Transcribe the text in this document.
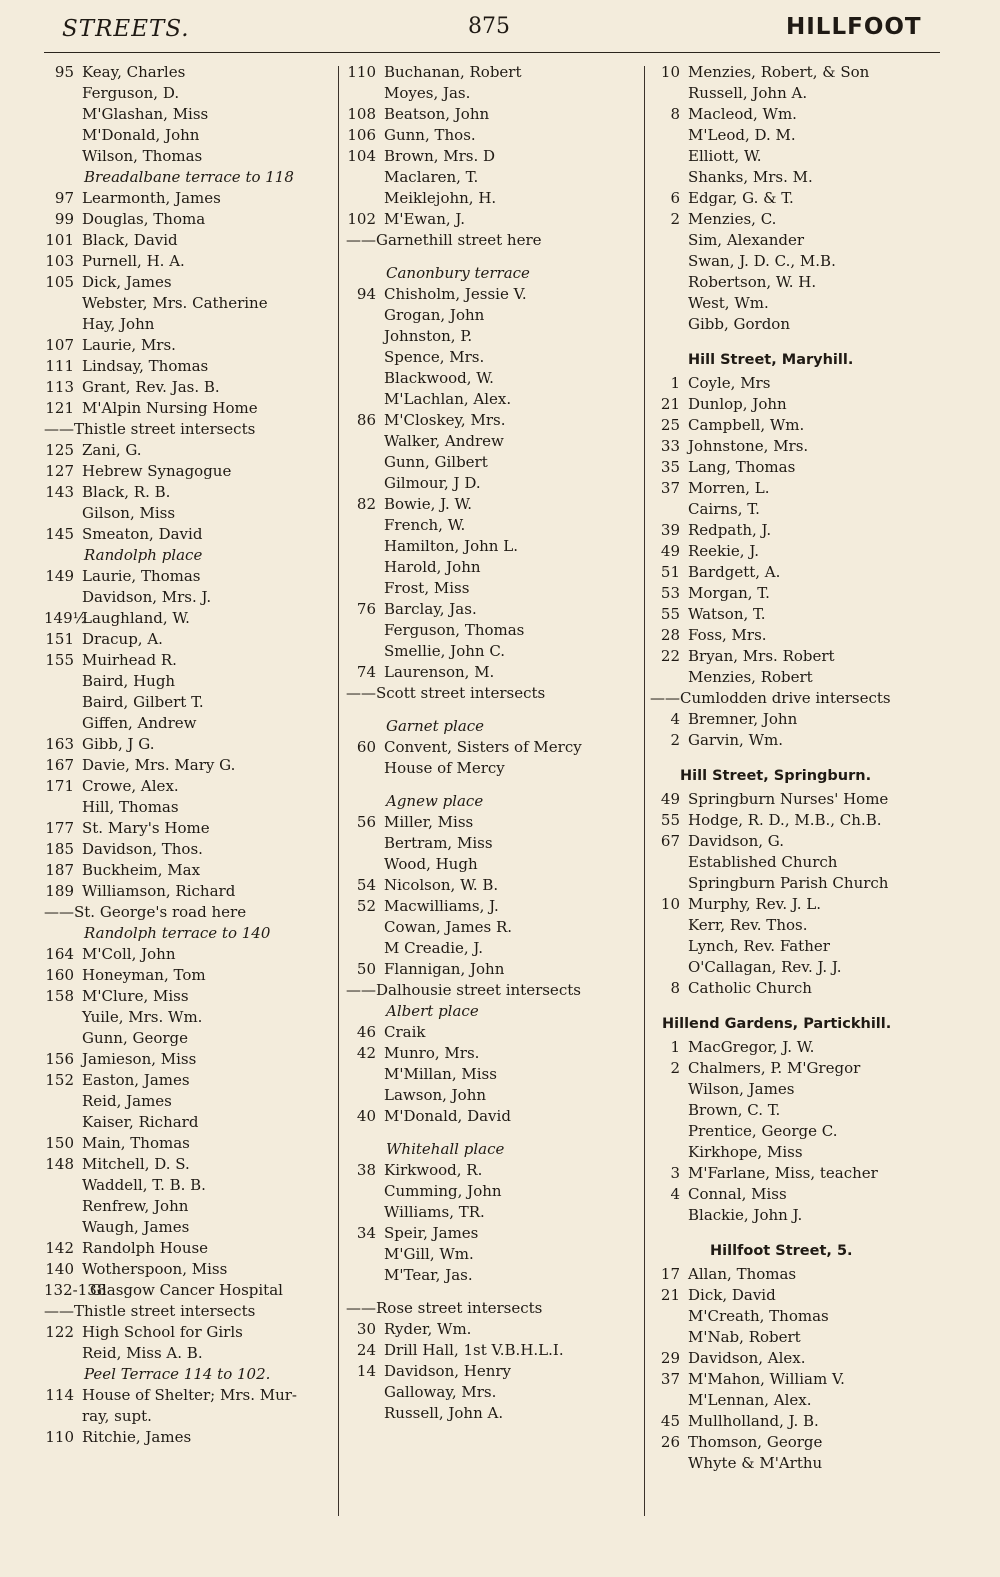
STREETS.	875	HILLFOOT
95 Keay, Charles
Ferguson, D.
M'Glashan, Miss
M'Donald, John
Wilson, Thomas
Breadalbane terrace to 118
97 Learmonth, James
99 Douglas, Thoma
101 Black, David
103 Purnell, H. A.
105 Dick, James
Webster, Mrs. Catherine
Hay, John
107 Laurie, Mrs.
111 Lindsay, Thomas
113 Grant, Rev. Jas. B.
121 M'Alpin Nursing Home
——Thistle street intersects
125 Zani, G.
127 Hebrew Synagogue
143 Black, R. B.
Gilson, Miss
145 Smeaton, David
Randolph place
149 Laurie, Thomas
Davidson, Mrs. J.
149½
Laughland, W.
151 Dracup, A.
155 Muirhead R.
Baird, Hugh
Baird, Gilbert T.
Giffen, Andrew
163 Gibb, J G.
167 Davie, Mrs. Mary G.
171 Crowe, Alex.
Hill, Thomas
177 St. Mary's Home
185 Davidson, Thos.
187 Buckheim, Max
189 Williamson, Richard
——St. George's road here
Randolph terrace to 140
164 M'Coll, John
160 Honeyman, Tom
158 M'Clure, Miss
Yuile, Mrs. Wm.
Gunn, George
156 Jamieson, Miss
152 Easton, James
Reid, James
Kaiser, Richard
150 Main, Thomas
148 Mitchell, D. S.
Waddell, T. B. B.
Renfrew, John
Waugh, James
142 Randolph House
140 Wotherspoon, Miss
132-138
Glasgow Cancer Hospital
——Thistle street intersects
122 High School for Girls
Reid, Miss A. B.
Peel Terrace 114 to 102.
114 House of Shelter; Mrs. Mur-
ray, supt.
110 Ritchie, James
110 Buchanan, Robert
Moyes, Jas.
108 Beatson, John
106 Gunn, Thos.
104 Brown, Mrs. D
Maclaren, T.
Meiklejohn, H.
102 M'Ewan, J.
——Garnethill street here
Canonbury terrace
94 Chisholm, Jessie V.
Grogan, John
Johnston, P.
Spence, Mrs.
Blackwood, W.
M'Lachlan, Alex.
86 M'Closkey, Mrs.
Walker, Andrew
Gunn, Gilbert
Gilmour, J D.
82 Bowie, J. W.
French, W.
Hamilton, John L.
Harold, John
Frost, Miss
76 Barclay, Jas.
Ferguson, Thomas
Smellie, John C.
74 Laurenson, M.
——Scott street intersects
Garnet place
60 Convent, Sisters of Mercy
House of Mercy
Agnew place
56 Miller, Miss
Bertram, Miss
Wood, Hugh
54 Nicolson, W. B.
52 Macwilliams, J.
Cowan, James R.
M Creadie, J.
50 Flannigan, John
——Dalhousie street intersects
Albert place
46 Craik
42 Munro, Mrs.
M'Millan, Miss
Lawson, John
40 M'Donald, David
Whitehall place
38 Kirkwood, R.
Cumming, John
Williams, TR.
34 Speir, James
M'Gill, Wm.
M'Tear, Jas.
——Rose street intersects
30 Ryder, Wm.
24 Drill Hall, 1st V.B.H.L.I.
14 Davidson, Henry
Galloway, Mrs.
Russell, John A.
10 Menzies, Robert, & Son
Russell, John A.
8 Macleod, Wm.
M'Leod, D. M.
Elliott, W.
Shanks, Mrs. M.
6 Edgar, G. & T.
2 Menzies, C.
Sim, Alexander
Swan, J. D. C., M.B.
Robertson, W. H.
West, Wm.
Gibb, Gordon
Hill Street, Maryhill.
1 Coyle, Mrs
21 Dunlop, John
25 Campbell, Wm.
33 Johnstone, Mrs.
35 Lang, Thomas
37 Morren, L.
Cairns, T.
39 Redpath, J.
49 Reekie, J.
51 Bardgett, A.
53 Morgan, T.
55 Watson, T.
28 Foss, Mrs.
22 Bryan, Mrs. Robert
Menzies, Robert
——Cumlodden drive intersects
4 Bremner, John
2 Garvin, Wm.
Hill Street, Springburn.
49 Springburn Nurses' Home
55 Hodge, R. D., M.B., Ch.B.
67 Davidson, G.
Established Church
Springburn Parish Church
10 Murphy, Rev. J. L.
Kerr, Rev. Thos.
Lynch, Rev. Father
O'Callagan, Rev. J. J.
8 Catholic Church
Hillend Gardens, Partickhill.
1 MacGregor, J. W.
2 Chalmers, P. M'Gregor
Wilson, James
Brown, C. T.
Prentice, George C.
Kirkhope, Miss
3 M'Farlane, Miss, teacher
4 Connal, Miss
Blackie, John J.
Hillfoot Street, 5.
17 Allan, Thomas
21 Dick, David
M'Creath, Thomas
M'Nab, Robert
29 Davidson, Alex.
37 M'Mahon, William V.
M'Lennan, Alex.
45 Mullholland, J. B.
26 Thomson, George
Whyte & M'Arthu
